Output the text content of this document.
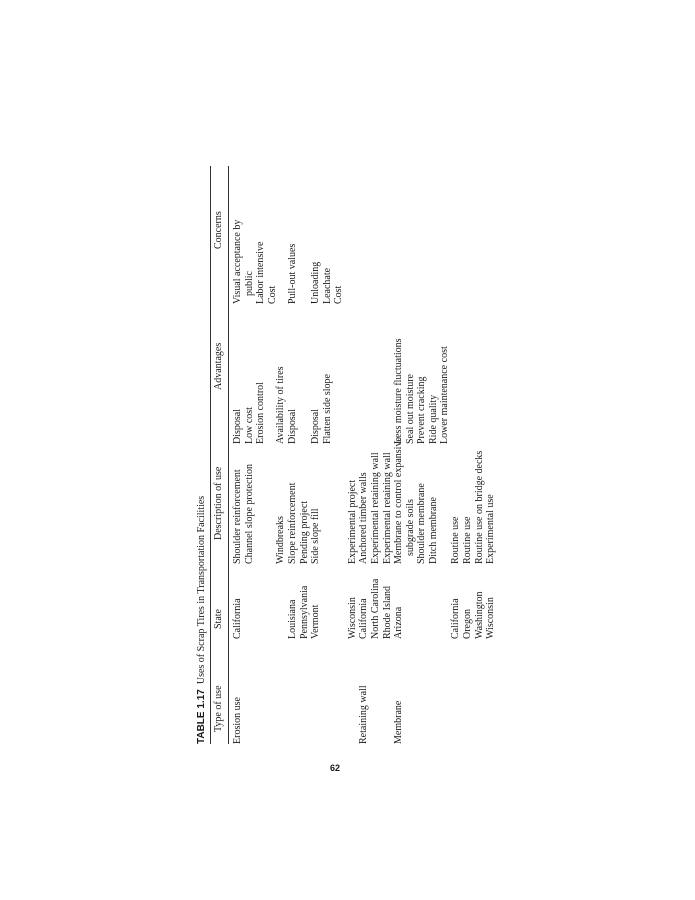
TABLE 1.17Uses of Scrap Tires in Transportation Facilities
Type of use
State
Description of use
Advantages
Concerns
Erosion use
California
Shoulder reinforcement Channel slope protection
Disposal Low cost Erosion control
Visual acceptance by public Labor intensive Cost
Windbreaks
Availability of tires
Louisiana
Slope reinforcement
Disposal
Pull-out values
Pennsylvania
Pending project
Vermont
Side slope fill
Disposal Flatten side slope
Unloading Leachate Cost
Wisconsin
Experimental project
Retaining wall
California
Anchored timber walls
North Carolina
Experimental retaining wall
Rhode Island
Experimental retaining wall
Membrane
Arizona
Membrane to control expansive subgrade soils Shoulder membrane Ditch membrane
Less moisture fluctuations Seal out moisture Prevent cracking Ride quality Lower maintenance cost
California
Routine use
Oregon
Routine use
Washington
Routine use on bridge decks
Wisconsin
Experimental use
62
